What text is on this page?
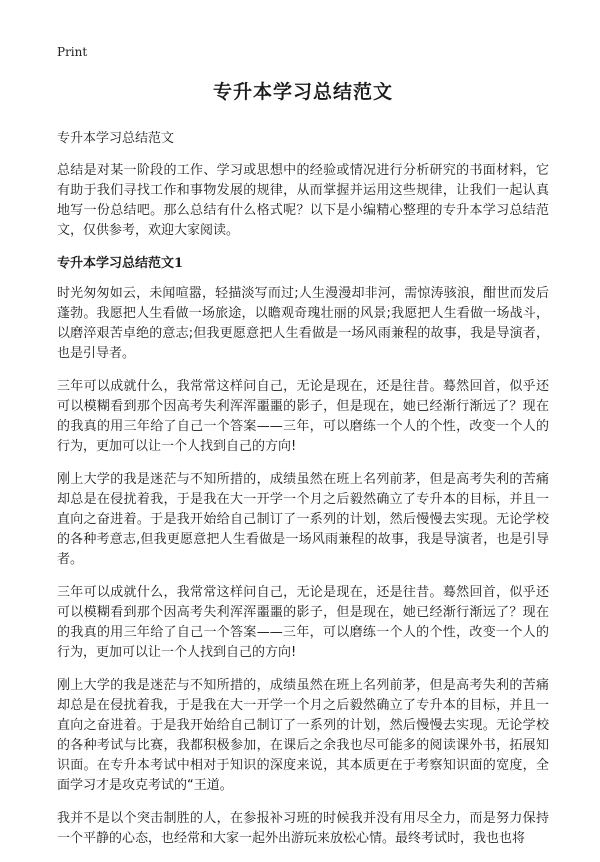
Print
专升本学习总结范文
专升本学习总结范文

总结是对某一阶段的工作、学习或思想中的经验或情况进行分析研究的书面材料，它有助于我们寻找工作和事物发展的规律，从而掌握并运用这些规律，让我们一起认真地写一份总结吧。那么总结有什么格式呢？以下是小编精心整理的专升本学习总结范文，仅供参考，欢迎大家阅读。

专升本学习总结范文1

时光匆匆如云，未闻喧嚣，轻描淡写而过;人生漫漫却非河，需惊涛骇浪，酣世而发后蓬勃。我愿把人生看做一场旅途，以瞻观奇瑰壮丽的风景;我愿把人生看做一场战斗，以磨淬艰苦卓绝的意志;但我更愿意把人生看做是一场风雨兼程的故事，我是导演者，也是引导者。

三年可以成就什么，我常常这样问自己，无论是现在，还是往昔。蓦然回首，似乎还可以模糊看到那个因高考失利浑浑噩噩的影子，但是现在，她已经渐行渐远了？现在的我真的用三年给了自己一个答案——三年，可以磨练一个人的个性，改变一个人的行为，更加可以让一个人找到自己的方向!

刚上大学的我是迷茫与不知所措的，成绩虽然在班上名列前茅，但是高考失利的苦痛却总是在侵扰着我，于是我在大一开学一个月之后毅然确立了专升本的目标，并且一直向之奋进着。于是我开始给自己制订了一系列的计划，然后慢慢去实现。无论学校的各种考意志,但我更愿意把人生看做是一场风雨兼程的故事，我是导演者，也是引导者。

三年可以成就什么，我常常这样问自己，无论是现在，还是往昔。蓦然回首，似乎还可以模糊看到那个因高考失利浑浑噩噩的影子，但是现在，她已经渐行渐远了？现在的我真的用三年给了自己一个答案——三年，可以磨练一个人的个性，改变一个人的行为，更加可以让一个人找到自己的方向!

刚上大学的我是迷茫与不知所措的，成绩虽然在班上名列前茅，但是高考失利的苦痛却总是在侵扰着我，于是我在大一开学一个月之后毅然确立了专升本的目标，并且一直向之奋进着。于是我开始给自己制订了一系列的计划，然后慢慢去实现。无论学校的各种考试与比赛，我都积极参加，在课后之余我也尽可能多的阅读课外书，拓展知识面。在专升本考试中相对于知识的深度来说，其本质更在于考察知识面的宽度，全面学习才是攻克考试的“王道。

我并不是以个突击制胜的人，在参报补习班的时候我并没有用尽全力，而是努力保持一个平静的心态，也经常和大家一起外出游玩来放松心情。最终考试时，我也也将
